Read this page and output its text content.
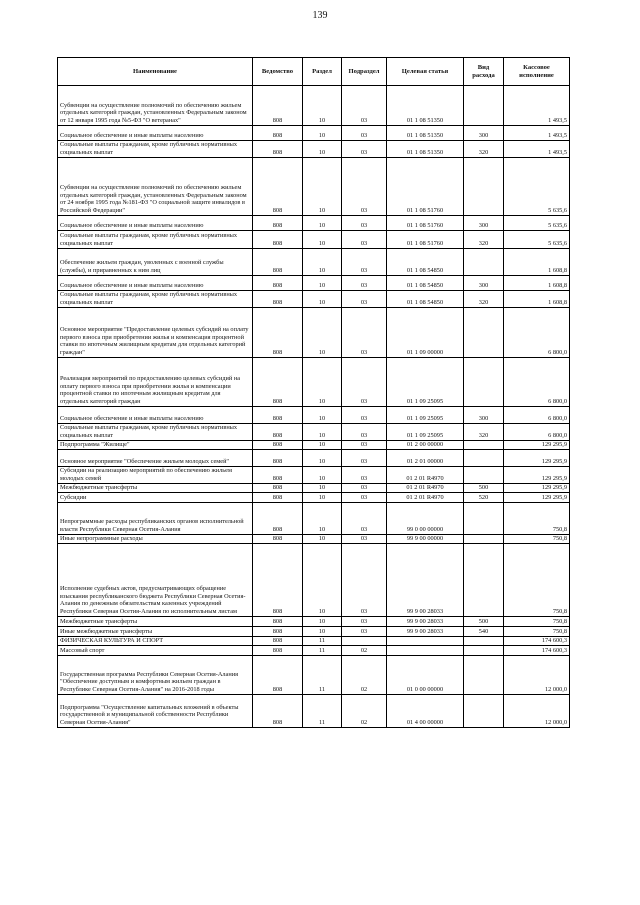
139
Наименование	Ведомство	Раздел	Подраздел	Целевая статья	Вид расхода	Кассовое исполнение
Субвенции на осуществление полномочий по обеспечению жильем отдельных категорий граждан, установленных Федеральным законом от 12 января 1995 года №5-ФЗ "О ветеранах"	808	10	03	01 1 08 51350		1 493,5
Социальное обеспечение и иные выплаты населению	808	10	03	01 1 08 51350	300	1 493,5
Социальные выплаты гражданам, кроме публичных нормативных социальных выплат	808	10	03	01 1 08 51350	320	1 493,5
Субвенции на осуществление полномочий по обеспечению жильем отдельных категорий граждан, установленных Федеральным законом от 24 ноября 1995 года №181-ФЗ "О социальной защите инвалидов в Российской Федерации"	808	10	03	01 1 08 51760		5 635,6
Социальное обеспечение и иные выплаты населению	808	10	03	01 1 08 51760	300	5 635,6
Социальные выплаты гражданам, кроме публичных нормативных социальных выплат	808	10	03	01 1 08 51760	320	5 635,6
Обеспечение жильем граждан, уволенных с военной службы (службы), и приравненных к ним лиц	808	10	03	01 1 08 54850		1 608,8
Социальное обеспечение и иные выплаты населению	808	10	03	01 1 08 54850	300	1 608,8
Социальные выплаты гражданам, кроме публичных нормативных социальных выплат	808	10	03	01 1 08 54850	320	1 608,8
Основное мероприятие "Предоставление целевых субсидий на оплату первого взноса при приобретении жилья и компенсация процентной ставки по ипотечным жилищным кредитам для отдельных категорий граждан"	808	10	03	01 1 09 00000		6 800,0
Реализация мероприятий по предоставлению целевых субсидий на оплату первого взноса при приобретении жилья и компенсации процентной ставки по ипотечным жилищным кредитам для отдельных категорий граждан	808	10	03	01 1 09 25095		6 800,0
Социальное обеспечение и иные выплаты населению	808	10	03	01 1 09 25095	300	6 800,0
Социальные выплаты гражданам, кроме публичных нормативных социальных выплат	808	10	03	01 1 09 25095	320	6 800,0
Подпрограмма "Жилище"	808	10	03	01 2 00 00000		129 295,9
Основное мероприятие "Обеспечение жильем молодых семей"	808	10	03	01 2 01 00000		129 295,9
Субсидии на реализацию мероприятий по обеспечению жильем молодых семей	808	10	03	01 2 01 R4970		129 295,9
Межбюджетные трансферты	808	10	03	01 2 01 R4970	500	129 295,9
Субсидии	808	10	03	01 2 01 R4970	520	129 295,9
Непрограммные расходы республиканских органов исполнительной власти Республики Северная Осетия-Алания	808	10	03	99 0 00 00000		750,8
Иные непрограммные расходы	808	10	03	99 9 00 00000		750,8
Исполнение судебных актов, предусматривающих обращение взыскания республиканского бюджета Республики Северная Осетия-Алания по денежным обязательствам казенных учреждений Республики Северная Осетия-Алания по исполнительным листам	808	10	03	99 9 00 28033		750,8
Межбюджетные трансферты	808	10	03	99 9 00 28033	500	750,8
Иные межбюджетные трансферты	808	10	03	99 9 00 28033	540	750,8
ФИЗИЧЕСКАЯ КУЛЬТУРА И СПОРТ	808	11				174 600,3
Массовый спорт	808	11	02			174 600,3
Государственная программа Республики Северная Осетия-Алания "Обеспечение доступным и комфортным жильем граждан в Республике Северная Осетия-Алания" на 2016-2018 годы	808	11	02	01 0 00 00000		12 000,0
Подпрограмма "Осуществление капитальных вложений в объекты государственной и муниципальной собственности Республики Северная Осетия-Алания"	808	11	02	01 4 00 00000		12 000,0
